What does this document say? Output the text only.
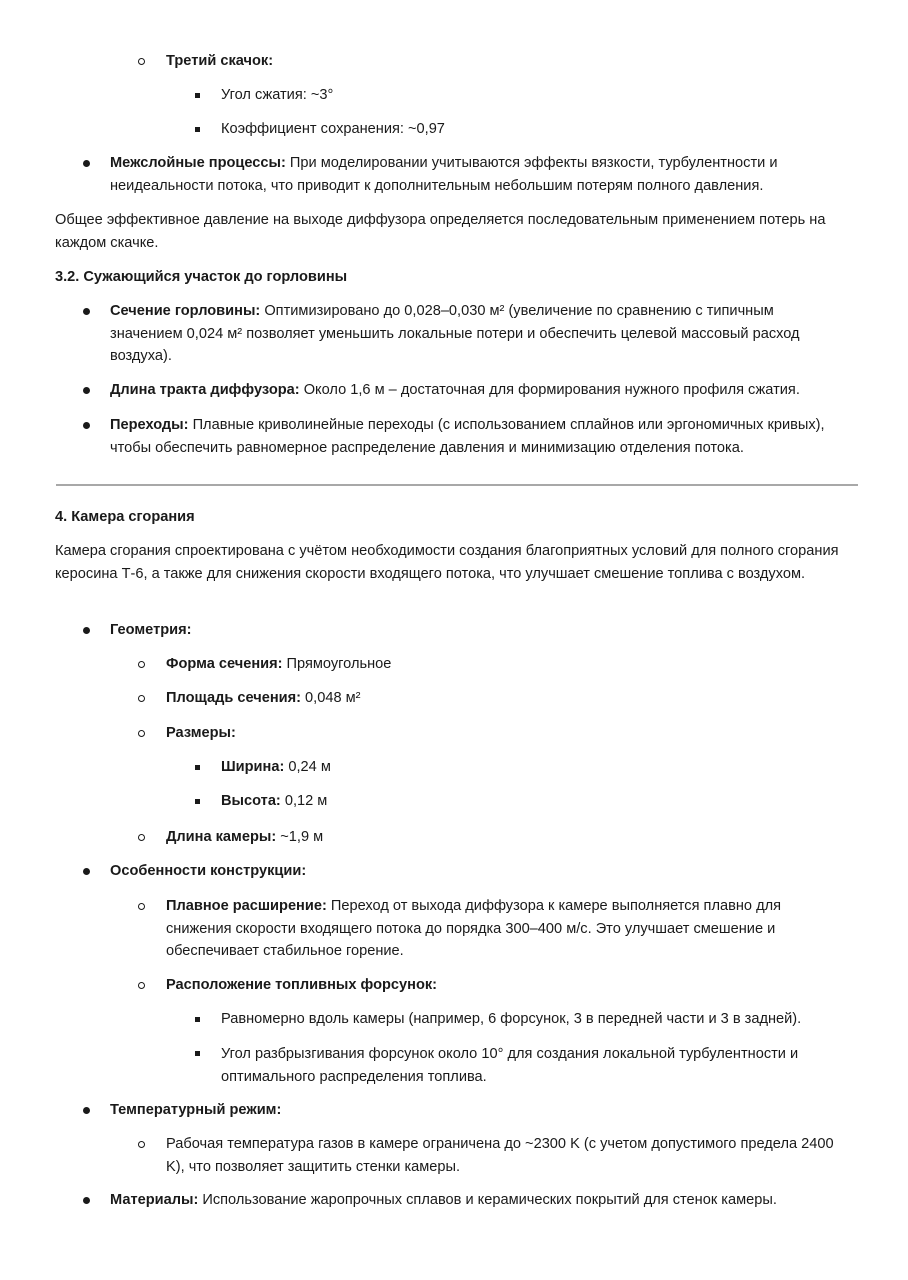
Третий скачок:

Угол сжатия: ~3°

Коэффициент сохранения: ~0,97

Межслойные процессы: При моделировании учитываются эффекты вязкости, турбулентности и неидеальности потока, что приводит к дополнительным небольшим потерям полного давления.

Общее эффективное давление на выходе диффузора определяется последовательным применением потерь на каждом скачке.

3.2. Сужающийся участок до горловины

Сечение горловины: Оптимизировано до 0,028–0,030 м² (увеличение по сравнению с типичным значением 0,024 м² позволяет уменьшить локальные потери и обеспечить целевой массовый расход воздуха).

Длина тракта диффузора: Около 1,6 м – достаточная для формирования нужного профиля сжатия.

Переходы: Плавные криволинейные переходы (с использованием сплайнов или эргономичных кривых), чтобы обеспечить равномерное распределение давления и минимизацию отделения потока.

4. Камера сгорания

Камера сгорания спроектирована с учётом необходимости создания благоприятных условий для полного сгорания керосина Т-6, а также для снижения скорости входящего потока, что улучшает смешение топлива с воздухом.

Геометрия:

Форма сечения: Прямоугольное

Площадь сечения: 0,048 м²

Размеры:

Ширина: 0,24 м

Высота: 0,12 м

Длина камеры: ~1,9 м

Особенности конструкции:

Плавное расширение: Переход от выхода диффузора к камере выполняется плавно для снижения скорости входящего потока до порядка 300–400 м/с. Это улучшает смешение и обеспечивает стабильное горение.

Расположение топливных форсунок:

Равномерно вдоль камеры (например, 6 форсунок, 3 в передней части и 3 в задней).

Угол разбрызгивания форсунок около 10° для создания локальной турбулентности и оптимального распределения топлива.

Температурный режим:

Рабочая температура газов в камере ограничена до ~2300 K (с учетом допустимого предела 2400 K), что позволяет защитить стенки камеры.

Материалы: Использование жаропрочных сплавов и керамических покрытий для стенок камеры.
